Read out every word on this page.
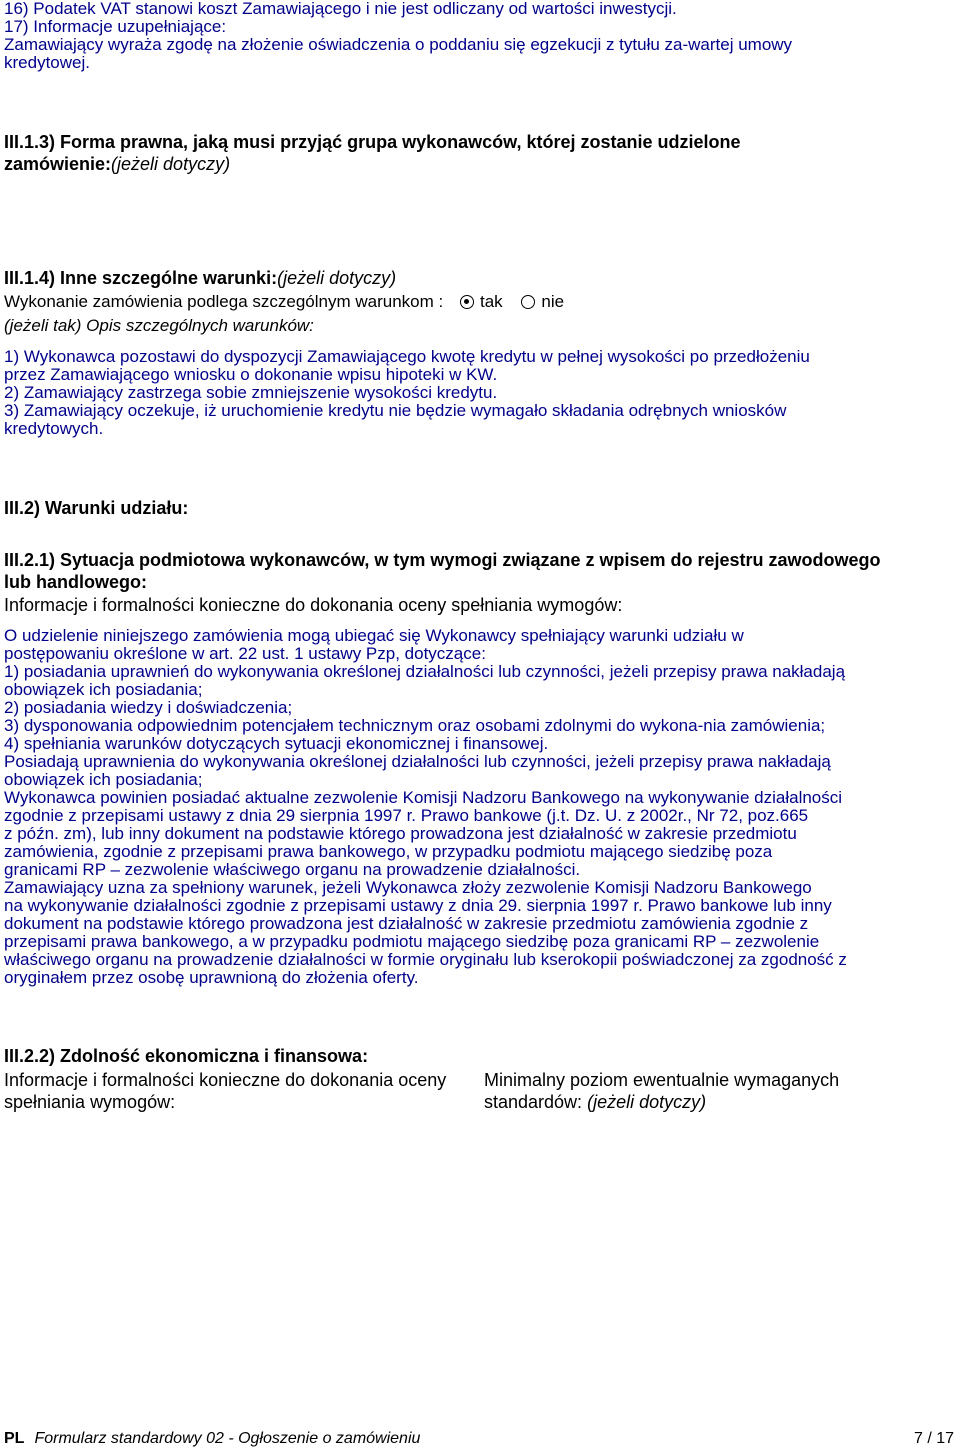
16) Podatek VAT stanowi koszt Zamawiającego i nie jest odliczany od wartości inwestycji.

17) Informacje uzupełniające:

Zamawiający wyraża zgodę na złożenie oświadczenia o poddaniu się egzekucji z tytułu za-wartej umowy

kredytowej.

III.1.3) Forma prawna, jaką musi przyjąć grupa wykonawców, której zostanie udzielone

zamówienie:(jeżeli dotyczy)

III.1.4) Inne szczególne warunki:(jeżeli dotyczy)

Wykonanie zamówienia podlega szczególnym warunkom : tak nie

(jeżeli tak) Opis szczególnych warunków:

1) Wykonawca pozostawi do dyspozycji Zamawiającego kwotę kredytu w pełnej wysokości po przedłożeniu

przez Zamawiającego wniosku o dokonanie wpisu hipoteki w KW.

2) Zamawiający zastrzega sobie zmniejszenie wysokości kredytu.

3) Zamawiający oczekuje, iż uruchomienie kredytu nie będzie wymagało składania odrębnych wniosków

kredytowych.

III.2) Warunki udziału:

III.2.1) Sytuacja podmiotowa wykonawców, w tym wymogi związane z wpisem do rejestru zawodowego

lub handlowego:

Informacje i formalności konieczne do dokonania oceny spełniania wymogów:

O udzielenie niniejszego zamówienia mogą ubiegać się Wykonawcy spełniający warunki udziału w

postępowaniu określone w art. 22 ust. 1 ustawy Pzp, dotyczące:

1) posiadania uprawnień do wykonywania określonej działalności lub czynności, jeżeli przepisy prawa nakładają

obowiązek ich posiadania;

2) posiadania wiedzy i doświadczenia;

3) dysponowania odpowiednim potencjałem technicznym oraz osobami zdolnymi do wykona-nia zamówienia;

4) spełniania warunków dotyczących sytuacji ekonomicznej i finansowej.

Posiadają uprawnienia do wykonywania określonej działalności lub czynności, jeżeli przepisy prawa nakładają

obowiązek ich posiadania;

Wykonawca powinien posiadać aktualne zezwolenie Komisji Nadzoru Bankowego na wykonywanie działalności

zgodnie z przepisami ustawy z dnia 29 sierpnia 1997 r. Prawo bankowe (j.t. Dz. U. z 2002r., Nr 72, poz.665

z późn. zm), lub inny dokument na podstawie którego prowadzona jest działalność w zakresie przedmiotu

zamówienia, zgodnie z przepisami prawa bankowego, w przypadku podmiotu mającego siedzibę poza

granicami RP – zezwolenie właściwego organu na prowadzenie działalności.

Zamawiający uzna za spełniony warunek, jeżeli Wykonawca złoży zezwolenie Komisji Nadzoru Bankowego

na wykonywanie działalności zgodnie z przepisami ustawy z dnia 29. sierpnia 1997 r. Prawo bankowe lub inny

dokument na podstawie którego prowadzona jest działalność w zakresie przedmiotu zamówienia zgodnie z

przepisami prawa bankowego, a w przypadku podmiotu mającego siedzibę poza granicami RP – zezwolenie

właściwego organu na prowadzenie działalności w formie oryginału lub kserokopii poświadczonej za zgodność z

oryginałem przez osobę uprawnioną do złożenia oferty.

III.2.2) Zdolność ekonomiczna i finansowa:

Informacje i formalności konieczne do dokonania oceny

spełniania wymogów:

Minimalny poziom ewentualnie wymaganych

standardów: (jeżeli dotyczy)

PL Formularz standardowy 02 - Ogłoszenie o zamówieniu	7 / 17
